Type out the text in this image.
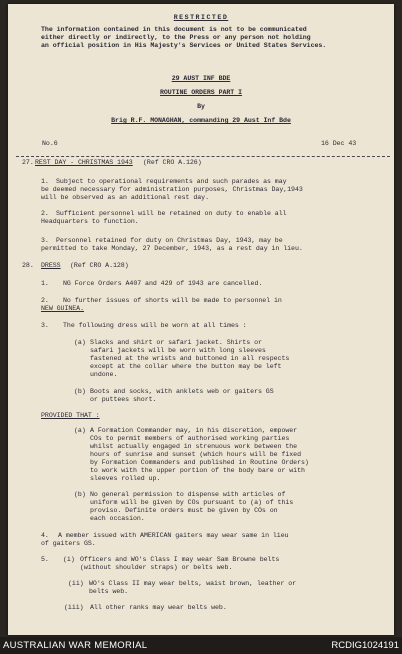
RESTRICTED
The information contained in this document is not to be communicated
either directly or indirectly, to the Press or any person not holding
an official position in His Majesty's Services or United States Services.
29 AUST INF BDE
ROUTINE ORDERS PART I
By
Brig R.F. MONAGHAN, commanding 29 Aust Inf Bde
No.6	16 Dec 43
27. REST DAY - CHRISTMAS 1943 (Ref CRO A.126)
1. Subject to operational requirements and such parades as may
be deemed necessary for administration purposes, Christmas Day,1943
will be observed as an additional rest day.
2. Sufficient personnel will be retained on duty to enable all
Headquarters to function.
3. Personnel retained for duty on Christmas Day, 1943, may be
permitted to take Monday, 27 December, 1943, as a rest day in lieu.
28. DRESS (Ref CRO A.128)
1. NG Force Orders A407 and 429 of 1943 are cancelled.
2. No further issues of shorts will be made to personnel in
NEW GUINEA.
3. The following dress will be worn at all times :
(a) Slacks and shirt or safari jacket. Shirts or
safari jackets will be worn with long sleeves
fastened at the wrists and buttoned in all respects
except at the collar where the button may be left
undone.
(b) Boots and socks, with anklets web or gaiters GS
or puttees short.
PROVIDED THAT :
(a) A Formation Commander may, in his discretion, empower
COs to permit members of authorised working parties
whilst actually engaged in strenuous work between the
hours of sunrise and sunset (which hours will be fixed
by Formation Commanders and published in Routine Orders)
to work with the upper portion of the body bare or with
sleeves rolled up.
(b) No general permission to dispense with articles of
uniform will be given by COs pursuant to (a) of this
proviso. Definite orders must be given by COs on
each occasion.
4. A member issued with AMERICAN gaiters may wear same in lieu
of gaiters GS.
5. (i) Officers and WO's Class I may wear Sam Browne belts
(without shoulder straps) or belts web.
(ii) WO's Class II may wear belts, waist brown, leather or
belts web.
(iii) All other ranks may wear belts web.
AUSTRALIAN WAR MEMORIAL	RCDIG1024191
